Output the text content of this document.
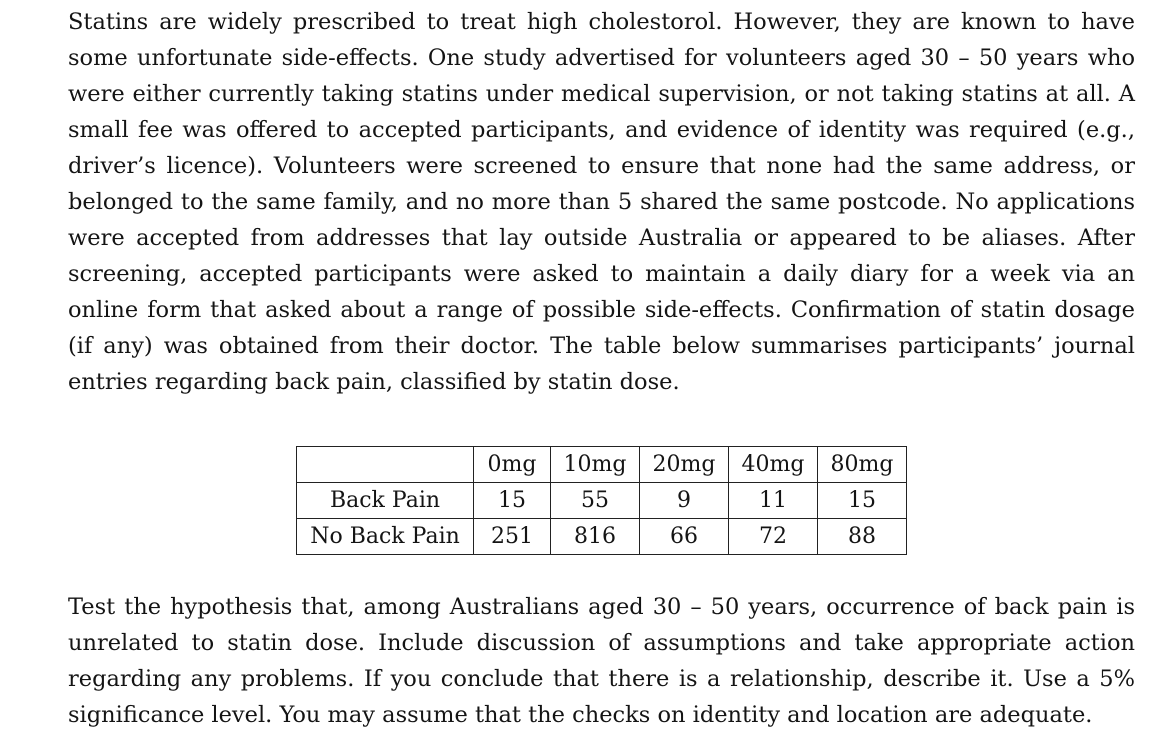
Statins are widely prescribed to treat high cholestorol. However, they are known to have some unfortunate side-effects. One study advertised for volunteers aged 30 – 50 years who were either currently taking statins under medical supervision, or not taking statins at all. A small fee was offered to accepted participants, and evidence of identity was required (e.g., driver’s licence). Volunteers were screened to ensure that none had the same address, or belonged to the same family, and no more than 5 shared the same postcode. No applications were accepted from addresses that lay outside Australia or appeared to be aliases. After screening, accepted participants were asked to maintain a daily diary for a week via an online form that asked about a range of possible side-effects. Confirmation of statin dosage (if any) was obtained from their doctor. The table below summarises participants’ journal entries regarding back pain, classified by statin dose.

	0mg	10mg	20mg	40mg	80mg
Back Pain	15	55	9	11	15
No Back Pain	251	816	66	72	88

Test the hypothesis that, among Australians aged 30 – 50 years, occurrence of back pain is unrelated to statin dose. Include discussion of assumptions and take appropriate action regarding any problems. If you conclude that there is a relationship, describe it. Use a 5% significance level. You may assume that the checks on identity and location are adequate.
